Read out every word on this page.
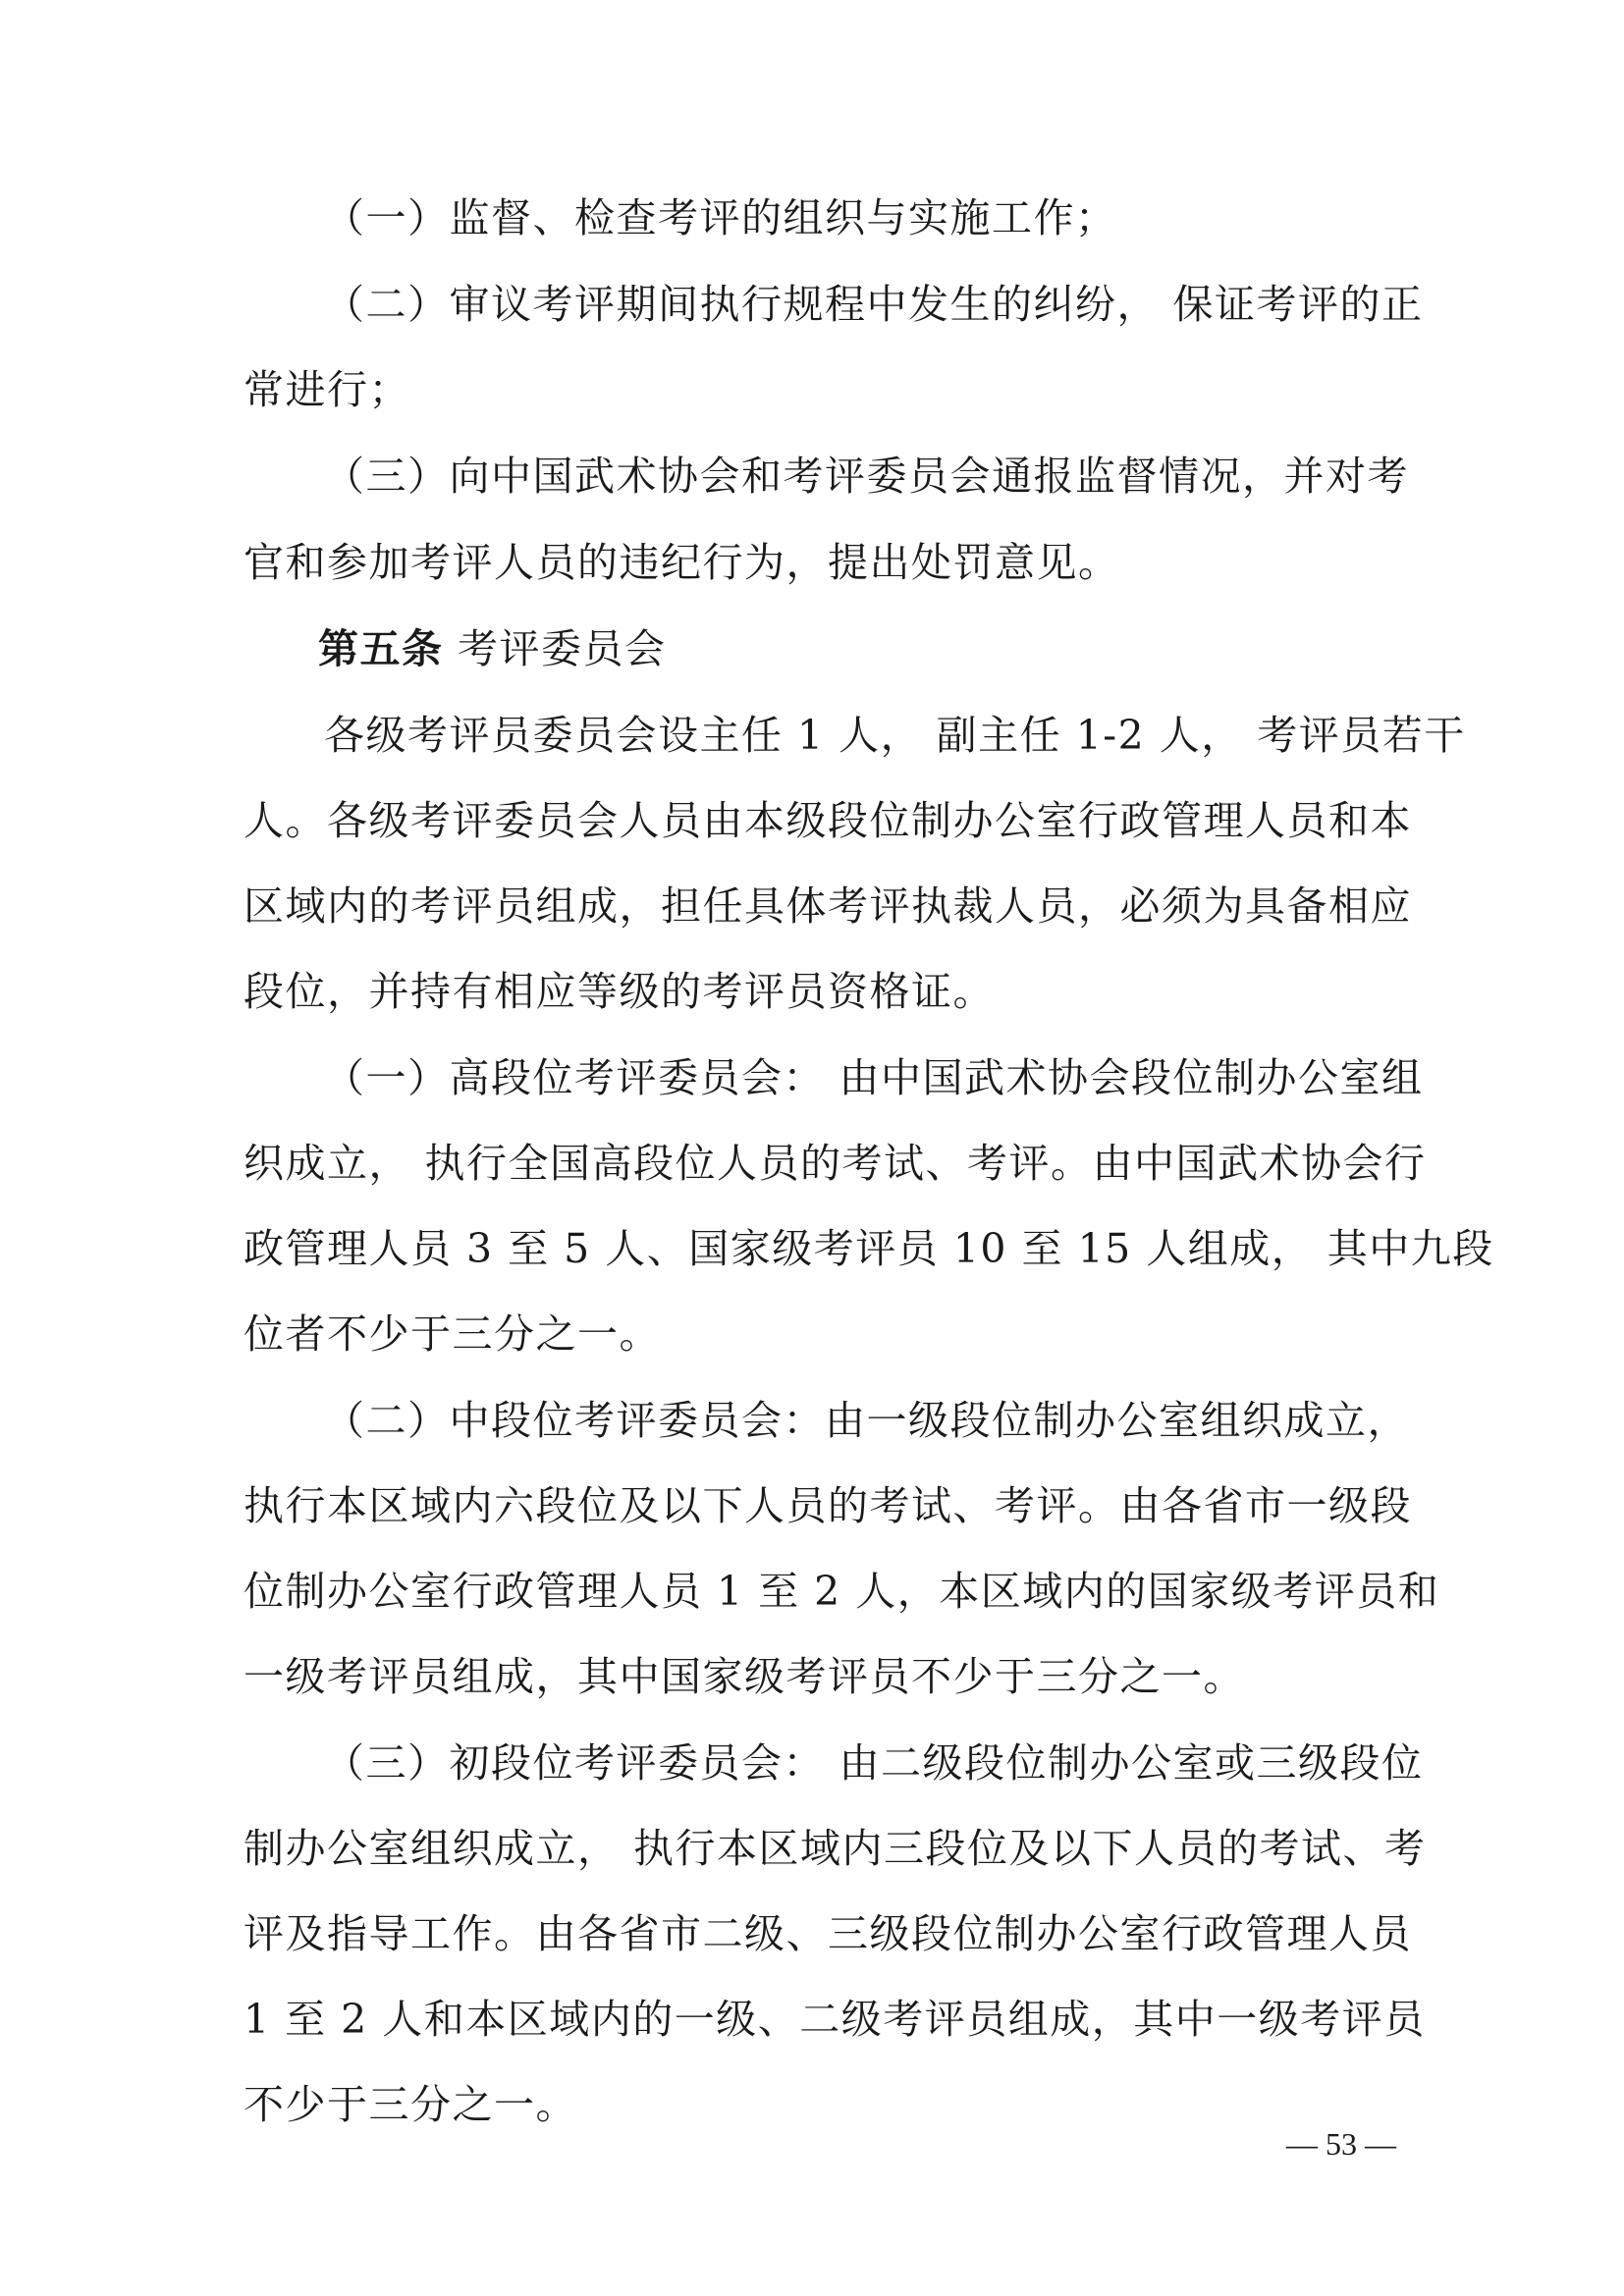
（一）监督、检查考评的组织与实施工作；
（二）审议考评期间执行规程中发生的纠纷， 保证考评的正
常进行；
（三）向中国武术协会和考评委员会通报监督情况，并对考
官和参加考评人员的违纪行为，提出处罚意见。
第五条 考评委员会
各级考评员委员会设主任 1 人， 副主任 1-2 人， 考评员若干
人。各级考评委员会人员由本级段位制办公室行政管理人员和本
区域内的考评员组成，担任具体考评执裁人员，必须为具备相应
段位，并持有相应等级的考评员资格证。
（一）高段位考评委员会： 由中国武术协会段位制办公室组
织成立， 执行全国高段位人员的考试、考评。由中国武术协会行
政管理人员 3 至 5 人、国家级考评员 10 至 15 人组成， 其中九段
位者不少于三分之一。
（二）中段位考评委员会：由一级段位制办公室组织成立，
执行本区域内六段位及以下人员的考试、考评。由各省市一级段
位制办公室行政管理人员 1 至 2 人，本区域内的国家级考评员和
一级考评员组成，其中国家级考评员不少于三分之一。
（三）初段位考评委员会： 由二级段位制办公室或三级段位
制办公室组织成立， 执行本区域内三段位及以下人员的考试、考
评及指导工作。由各省市二级、三级段位制办公室行政管理人员
1 至 2 人和本区域内的一级、二级考评员组成，其中一级考评员
不少于三分之一。
— 53 —
